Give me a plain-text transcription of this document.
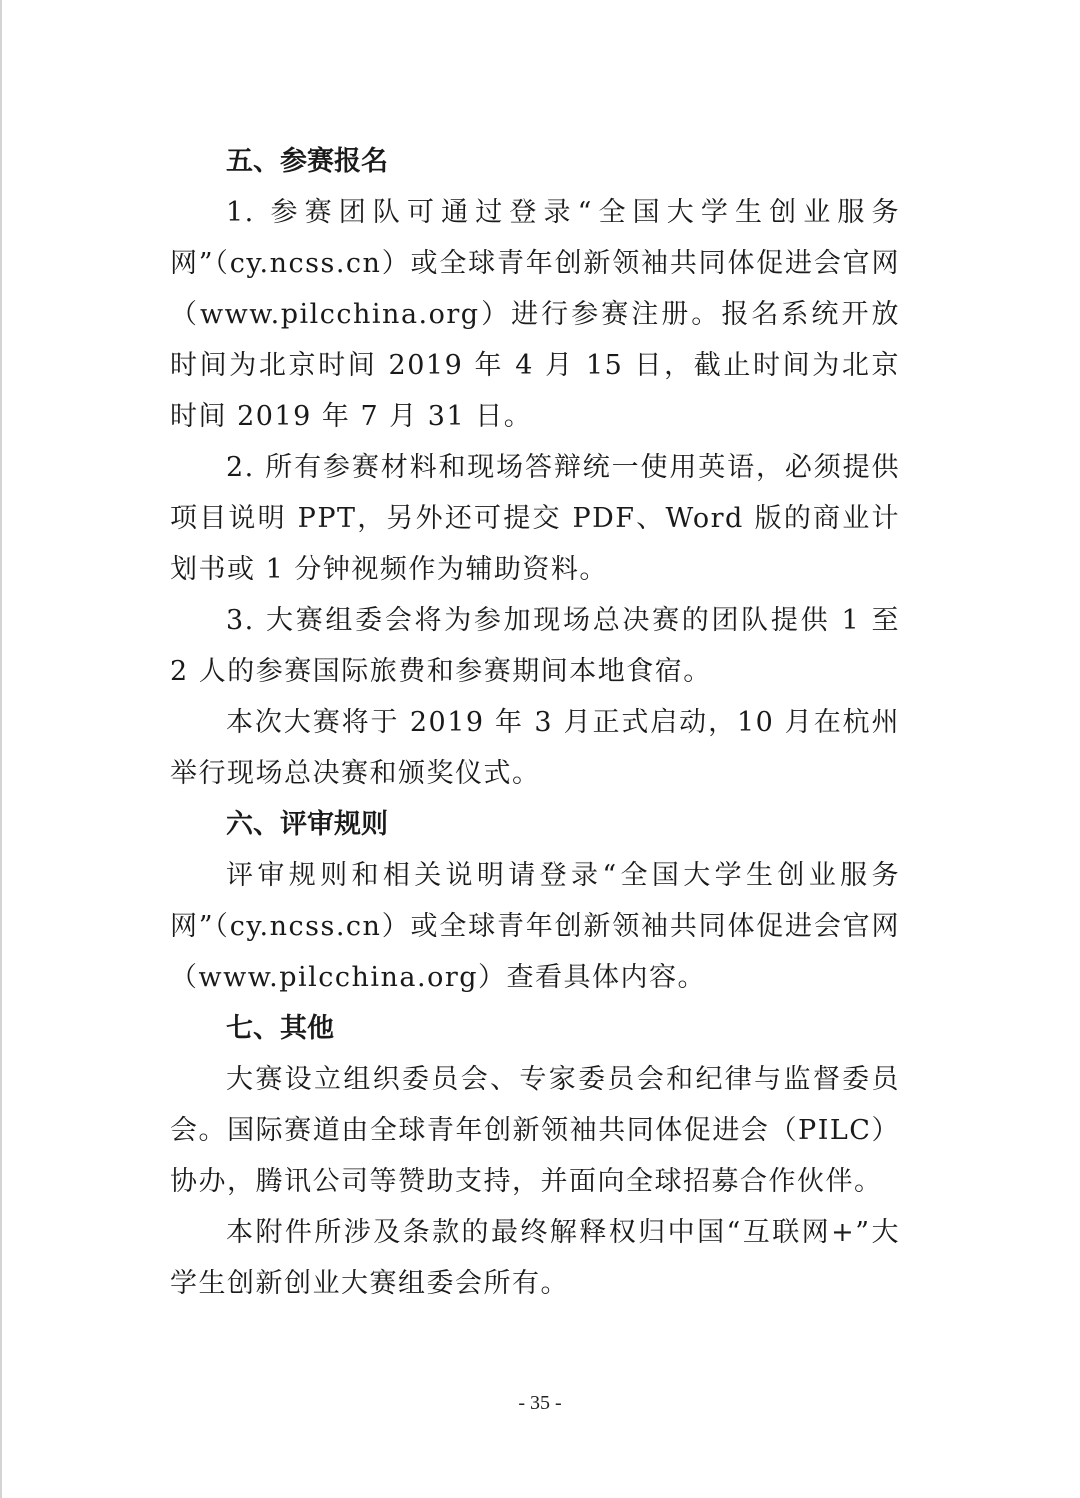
五、参赛报名

1. 参赛团队可通过登录“全国大学生创业服务网”（cy.ncss.cn）或全球青年创新领袖共同体促进会官网（www.pilcchina.org）进行参赛注册。报名系统开放时间为北京时间 2019 年 4 月 15 日，截止时间为北京时间 2019 年 7 月 31 日。

2. 所有参赛材料和现场答辩统一使用英语，必须提供项目说明 PPT，另外还可提交 PDF、Word 版的商业计划书或 1 分钟视频作为辅助资料。

3. 大赛组委会将为参加现场总决赛的团队提供 1 至 2 人的参赛国际旅费和参赛期间本地食宿。

本次大赛将于 2019 年 3 月正式启动，10 月在杭州举行现场总决赛和颁奖仪式。

六、评审规则

评审规则和相关说明请登录“全国大学生创业服务网”（cy.ncss.cn）或全球青年创新领袖共同体促进会官网（www.pilcchina.org）查看具体内容。

七、其他

大赛设立组织委员会、专家委员会和纪律与监督委员会。国际赛道由全球青年创新领袖共同体促进会（PILC）协办，腾讯公司等赞助支持，并面向全球招募合作伙伴。

本附件所涉及条款的最终解释权归中国“互联网+”大学生创新创业大赛组委会所有。

- 35 -
